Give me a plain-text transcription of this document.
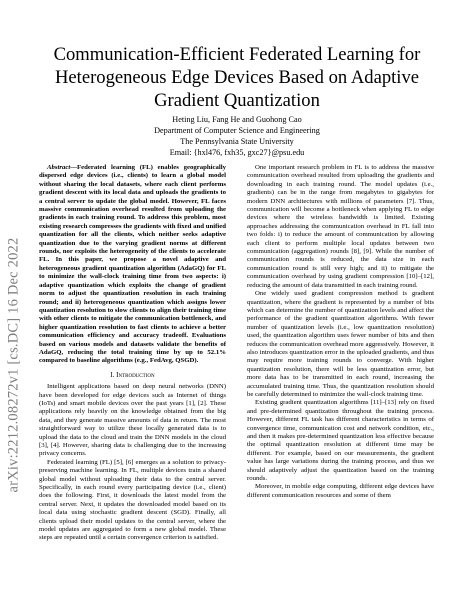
arXiv:2212.08272v1 [cs.DC] 16 Dec 2022
Communication-Efficient Federated Learning for Heterogeneous Edge Devices Based on Adaptive Gradient Quantization
Heting Liu, Fang He and Guohong Cao
Department of Computer Science and Engineering
The Pennsylvania State University
Email: {hxl476, fxh35, gxc27}@psu.edu

Abstract—Federated learning (FL) enables geographically dispersed edge devices (i.e., clients) to learn a global model without sharing the local datasets, where each client performs gradient descent with its local data and uploads the gradients to a central server to update the global model. However, FL faces massive communication overhead resulted from uploading the gradients in each training round. To address this problem, most existing research compresses the gradients with fixed and unified quantization for all the clients, which neither seeks adaptive quantization due to the varying gradient norms at different rounds, nor exploits the heterogeneity of the clients to accelerate FL. In this paper, we propose a novel adaptive and heterogeneous gradient quantization algorithm (AdaGQ) for FL to minimize the wall-clock training time from two aspects: i) adaptive quantization which exploits the change of gradient norm to adjust the quantization resolution in each training round; and ii) heterogeneous quantization which assigns lower quantization resolution to slow clients to align their training time with other clients to mitigate the communication bottleneck, and higher quantization resolution to fast clients to achieve a better communication efficiency and accuracy tradeoff. Evaluations based on various models and datasets validate the benefits of AdaGQ, reducing the total training time by up to 52.1% compared to baseline algorithms (e.g., FedAvg, QSGD).

I. Introduction

Intelligent applications based on deep neural networks (DNN) have been developed for edge devices such as Internet of things (IoTs) and smart mobile devices over the past years [1], [2]. These applications rely heavily on the knowledge obtained from the big data, and they generate massive amounts of data in return. The most straightforward way to utilize these locally generated data is to upload the data to the cloud and train the DNN models in the cloud [3], [4]. However, sharing data is challenging due to the increasing privacy concerns.

Federated learning (FL) [5], [6] emerges as a solution to privacy-preserving machine learning. In FL, multiple devices train a shared global model without uploading their data to the central server. Specifically, in each round every participating device (i.e., client) does the following. First, it downloads the latest model from the central server. Next, it updates the downloaded model based on its local data using stochastic gradient descent (SGD). Finally, all clients upload their model updates to the central server, where the model updates are aggregated to form a new global model. These steps are repeated until a certain convergence criterion is satisfied.

One important research problem in FL is to address the massive communication overhead resulted from uploading the gradients and downloading in each training round. The model updates (i.e., gradients) can be in the range from megabytes to gigabytes for modern DNN architectures with millions of parameters [7]. Thus, communication will become a bottleneck when applying FL to edge devices where the wireless bandwidth is limited. Existing approaches addressing the communication overhead in FL fall into two folds: i) to reduce the amount of communication by allowing each client to perform multiple local updates between two communication (aggregation) rounds [8], [9]. While the number of communication rounds is reduced, the data size in each communication round is still very high; and ii) to mitigate the communication overhead by using gradient compression [10]–[12], reducing the amount of data transmitted in each training round.

One widely used gradient compression method is gradient quantization, where the gradient is represented by a number of bits which can determine the number of quantization levels and affect the performance of the gradient quantization algorithms. With fewer number of quantization levels (i.e., low quantization resolution) used, the quantization algorithm uses fewer number of bits and then reduces the communication overhead more aggressively. However, it also introduces quantization error in the uploaded gradients, and thus may require more training rounds to converge. With higher quantization resolution, there will be less quantization error, but more data has to be transmitted in each round, increasing the accumulated training time. Thus, the quantization resolution should be carefully determined to minimize the wall-clock training time.

Existing gradient quantization algorithms [11]–[13] rely on fixed and pre-determined quantization throughout the training process. However, different FL task has different characteristics in terms of convergence time, communication cost and network condition, etc., and then it makes pre-determined quantization less effective because the optimal quantization resolution at different time may be different. For example, based on our measurements, the gradient value has large variations during the training process, and thus we should adaptively adjust the quantization based on the training rounds.

Moreover, in mobile edge computing, different edge devices have different communication resources and some of them
